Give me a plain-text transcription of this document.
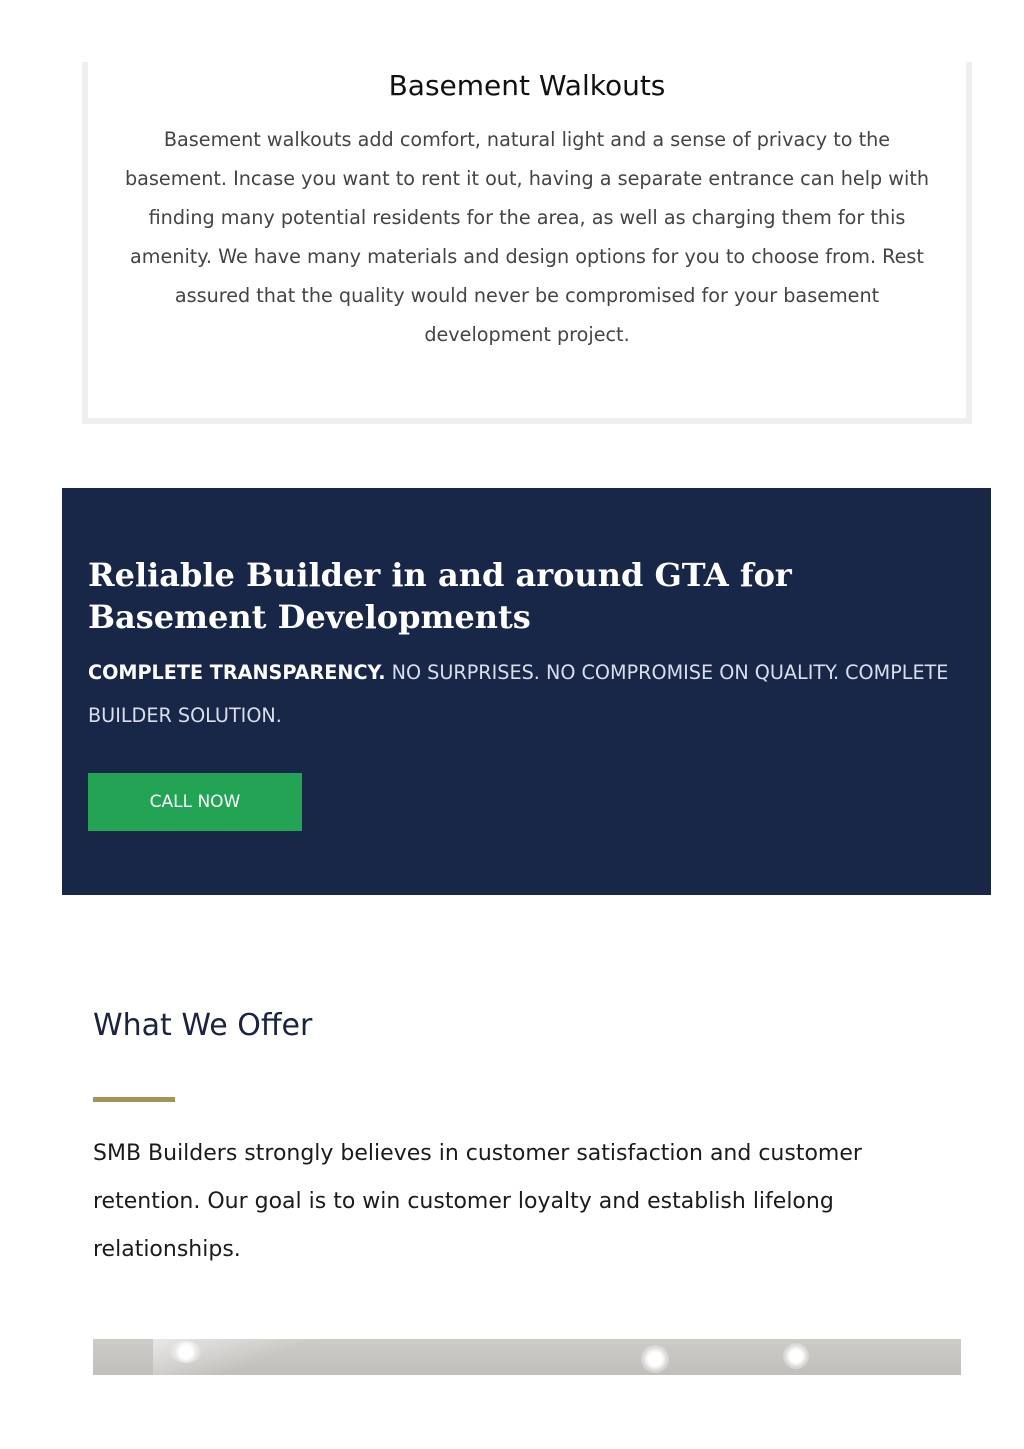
Basement Walkouts

Basement walkouts add comfort, natural light and a sense of privacy to the basement. Incase you want to rent it out, having a separate entrance can help with finding many potential residents for the area, as well as charging them for this amenity. We have many materials and design options for you to choose from. Rest assured that the quality would never be compromised for your basement development project.

Reliable Builder in and around GTA for Basement Developments

COMPLETE TRANSPARENCY. NO SURPRISES. NO COMPROMISE ON QUALITY. COMPLETE BUILDER SOLUTION.

CALL NOW
What We Offer

SMB Builders strongly believes in customer satisfaction and customer retention. Our goal is to win customer loyalty and establish lifelong relationships.
